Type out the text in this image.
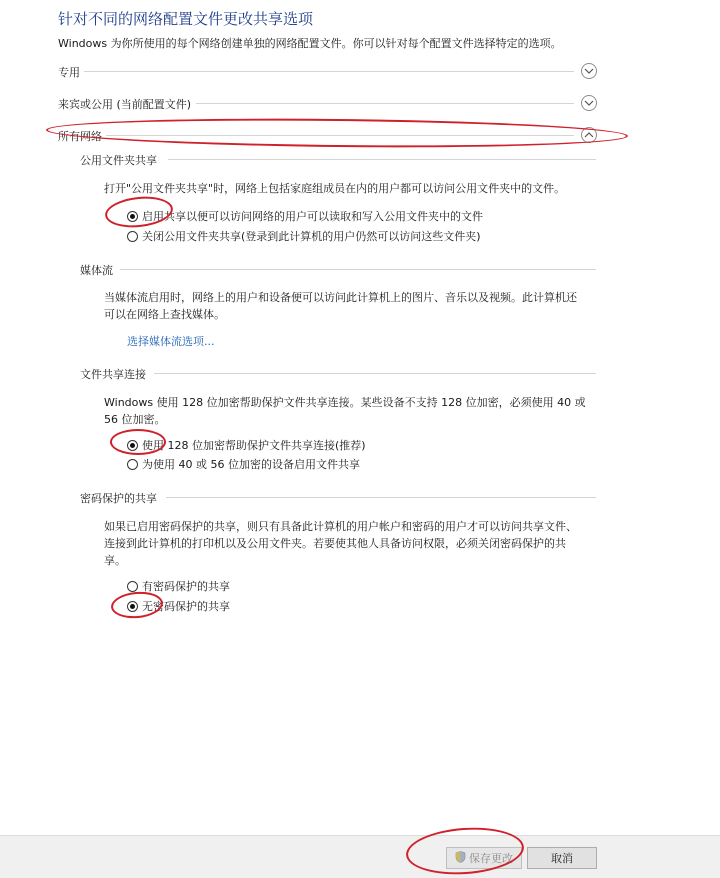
针对不同的网络配置文件更改共享选项
Windows 为你所使用的每个网络创建单独的网络配置文件。你可以针对每个配置文件选择特定的选项。
专用
来宾或公用 (当前配置文件)
所有网络
公用文件夹共享
打开"公用文件夹共享"时，网络上包括家庭组成员在内的用户都可以访问公用文件夹中的文件。
启用共享以便可以访问网络的用户可以读取和写入公用文件夹中的文件
关闭公用文件夹共享(登录到此计算机的用户仍然可以访问这些文件夹)
媒体流
当媒体流启用时，网络上的用户和设备便可以访问此计算机上的图片、音乐以及视频。此计算机还
可以在网络上查找媒体。
选择媒体流选项...
文件共享连接
Windows 使用 128 位加密帮助保护文件共享连接。某些设备不支持 128 位加密，必须使用 40 或
56 位加密。
使用 128 位加密帮助保护文件共享连接(推荐)
为使用 40 或 56 位加密的设备启用文件共享
密码保护的共享
如果已启用密码保护的共享，则只有具备此计算机的用户帐户和密码的用户才可以访问共享文件、
连接到此计算机的打印机以及公用文件夹。若要使其他人具备访问权限，必须关闭密码保护的共
享。
有密码保护的共享
无密码保护的共享
保存更改	取消
